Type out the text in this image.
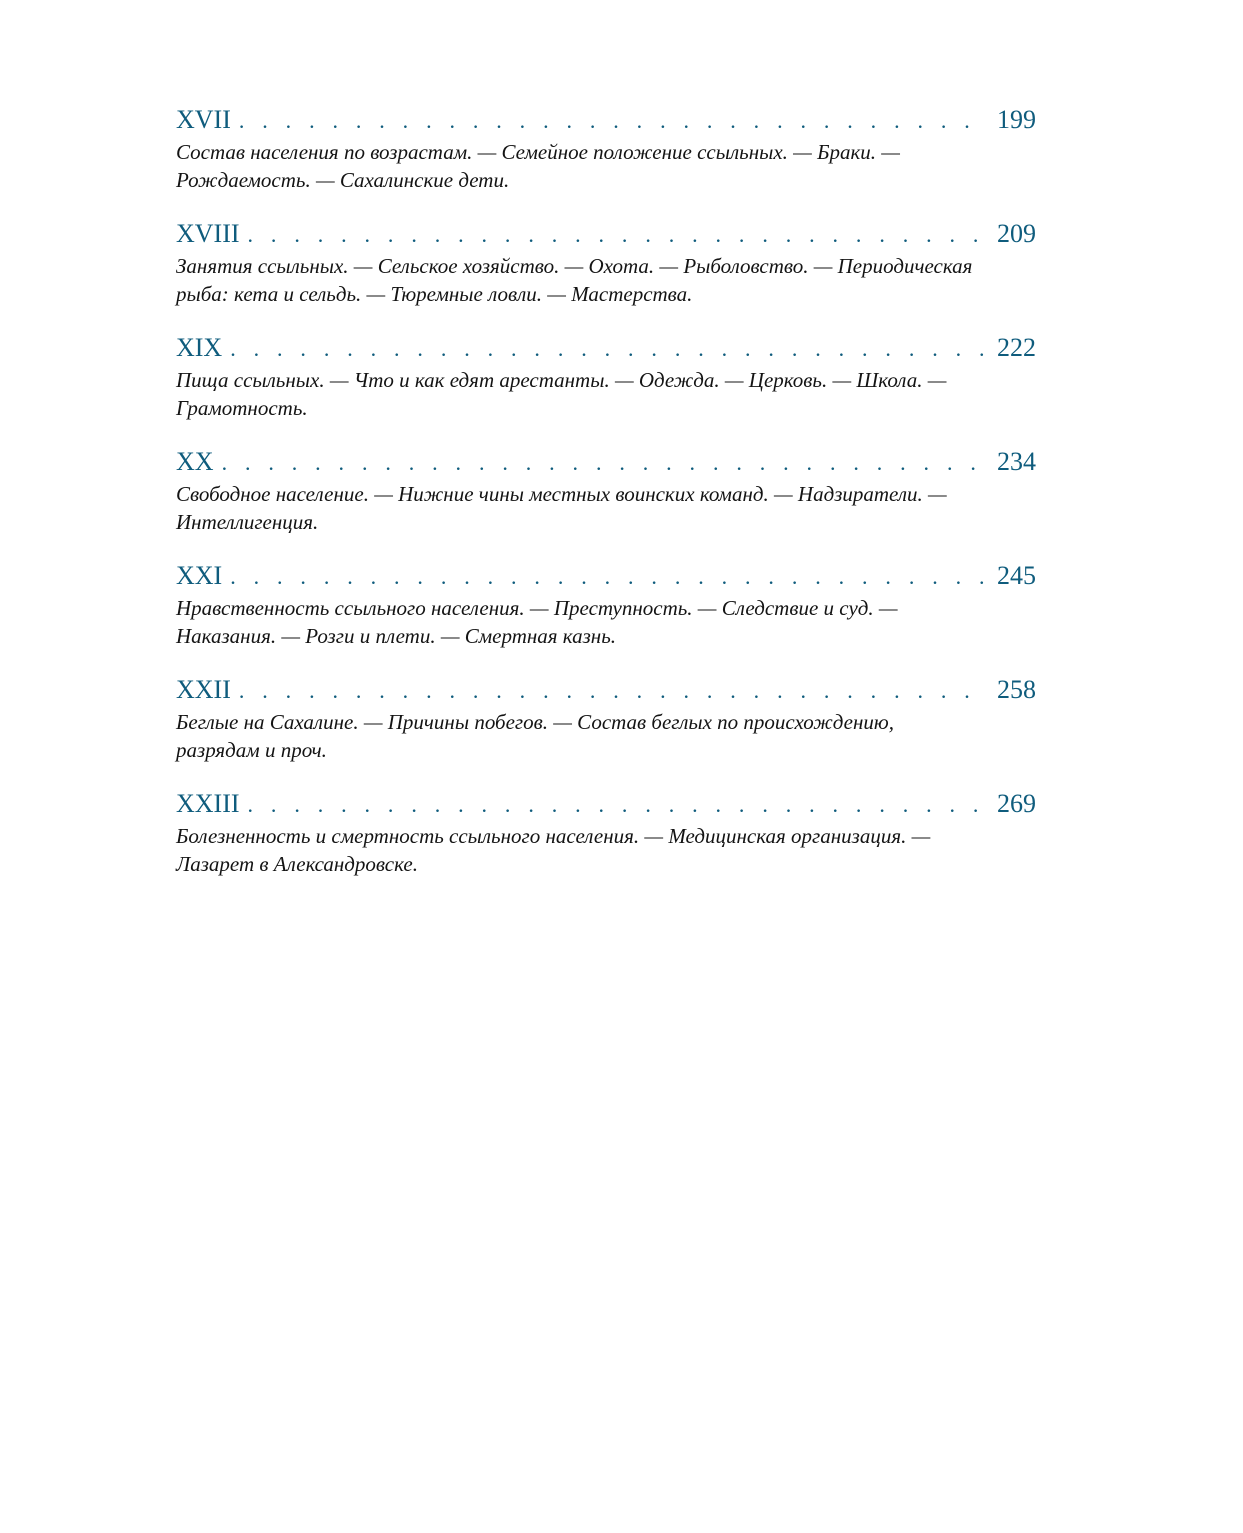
XVII . . .	199
Состав населения по возрастам. — Семейное положение ссыльных. — Браки. —
Рождаемость. — Сахалинские дети.
XVIII . . .	209
Занятия ссыльных. — Сельское хозяйство. — Охота. — Рыболовство. — Периодическая
рыба: кета и сельдь. — Тюремные ловли. — Мастерства.
XIX . . .	222
Пища ссыльных. — Что и как едят арестанты. — Одежда. — Церковь. — Школа. —
Грамотность.
XX . . .	234
Свободное население. — Нижние чины местных воинских команд. — Надзиратели. —
Интеллигенция.
XXI . . .	245
Нравственность ссыльного населения. — Преступность. — Следствие и суд. —
Наказания. — Розги и плети. — Смертная казнь.
XXII . . .	258
Беглые на Сахалине. — Причины побегов. — Состав беглых по происхождению,
разрядам и проч.
XXIII . . .	269
Болезненность и смертность ссыльного населения. — Медицинская организация. —
Лазарет в Александровске.
